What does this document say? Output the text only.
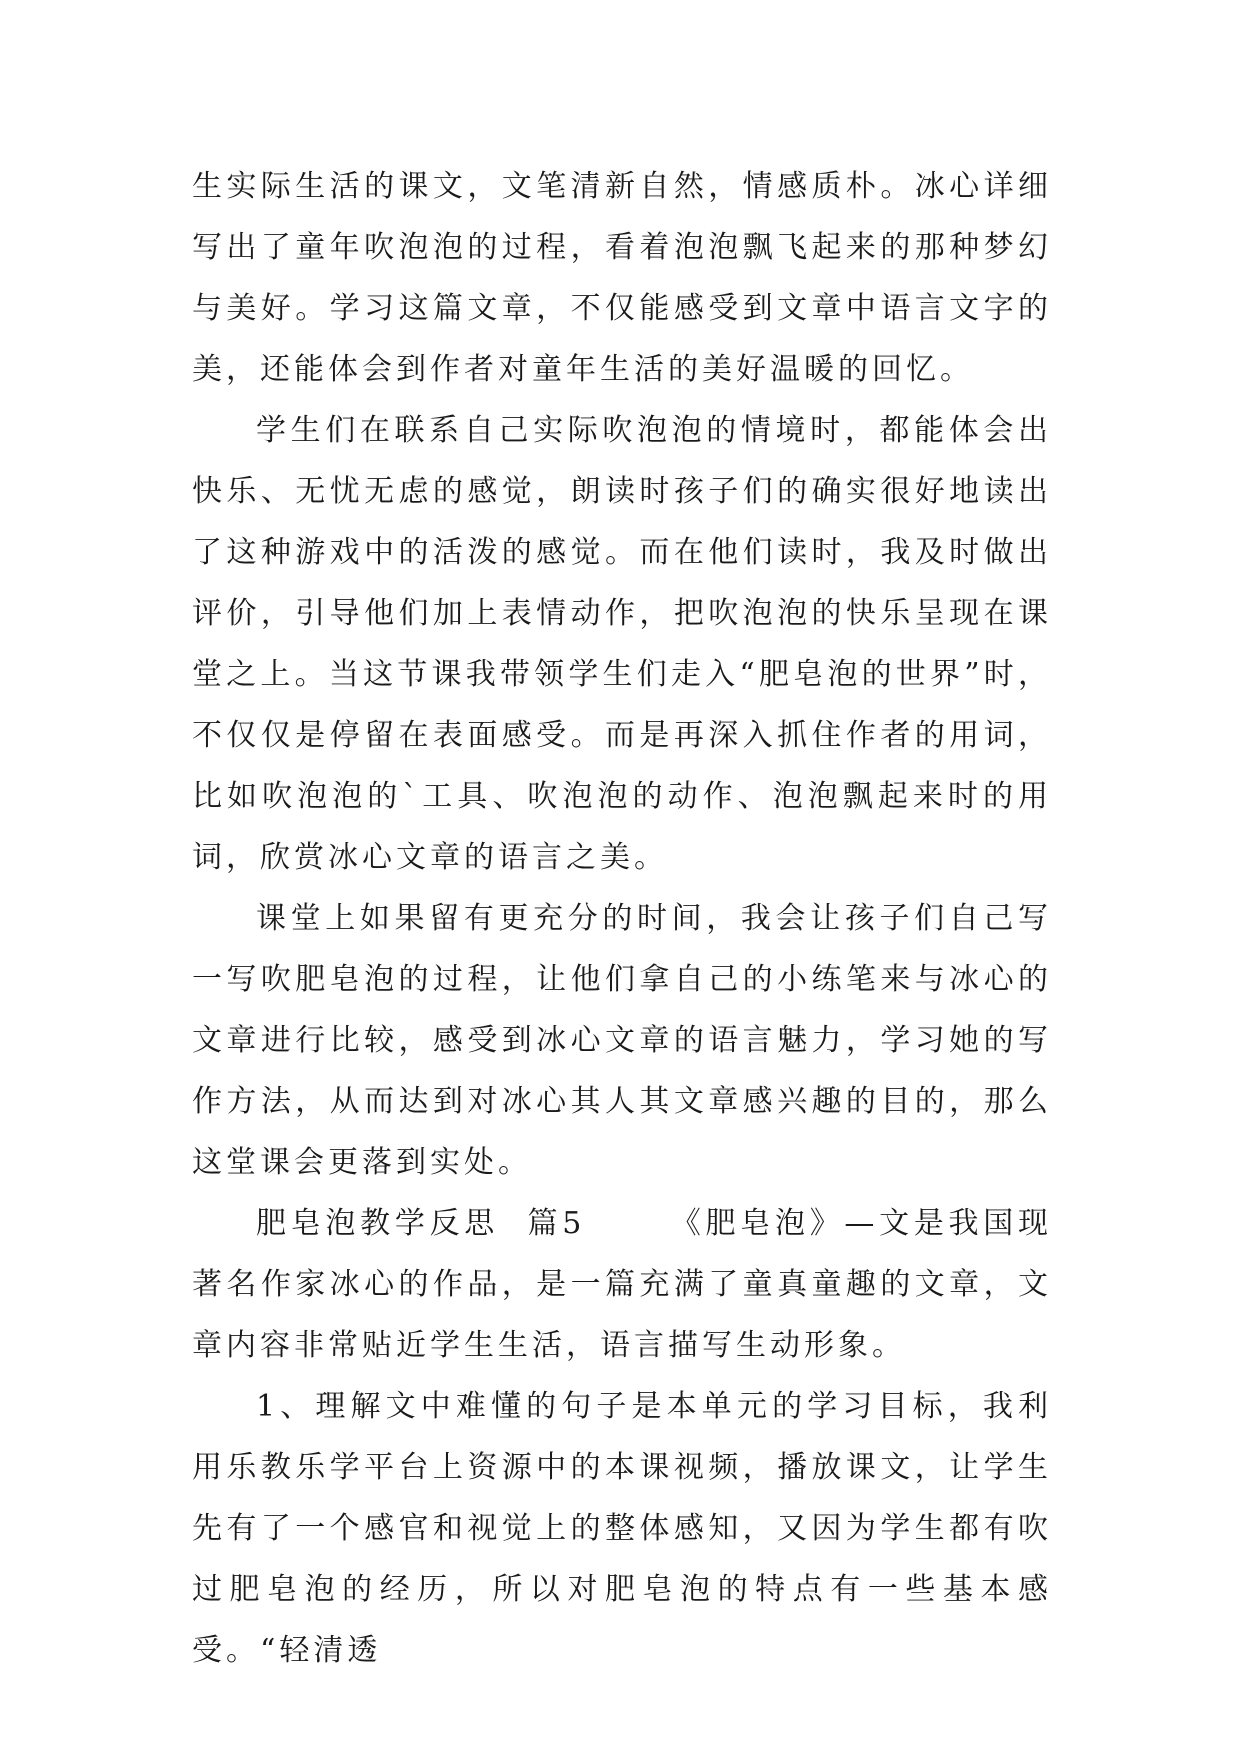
生实际生活的课文，文笔清新自然，情感质朴。冰心详细写出了童年吹泡泡的过程，看着泡泡飘飞起来的那种梦幻与美好。学习这篇文章，不仅能感受到文章中语言文字的美，还能体会到作者对童年生活的美好温暖的回忆。

学生们在联系自己实际吹泡泡的情境时，都能体会出快乐、无忧无虑的感觉，朗读时孩子们的确实很好地读出了这种游戏中的活泼的感觉。而在他们读时，我及时做出评价，引导他们加上表情动作，把吹泡泡的快乐呈现在课堂之上。当这节课我带领学生们走入“肥皂泡的世界”时，不仅仅是停留在表面感受。而是再深入抓住作者的用词，比如吹泡泡的`工具、吹泡泡的动作、泡泡飘起来时的用词，欣赏冰心文章的语言之美。

课堂上如果留有更充分的时间，我会让孩子们自己写一写吹肥皂泡的过程，让他们拿自己的小练笔来与冰心的文章进行比较，感受到冰心文章的语言魅力，学习她的写作方法，从而达到对冰心其人其文章感兴趣的目的，那么这堂课会更落到实处。

肥皂泡教学反思  篇5      《肥皂泡》—文是我国现著名作家冰心的作品，是一篇充满了童真童趣的文章，文章内容非常贴近学生生活，语言描写生动形象。

1、理解文中难懂的句子是本单元的学习目标，我利用乐教乐学平台上资源中的本课视频，播放课文，让学生先有了一个感官和视觉上的整体感知，又因为学生都有吹过肥皂泡的经历，所以对肥皂泡的特点有一些基本感受。“轻清透
